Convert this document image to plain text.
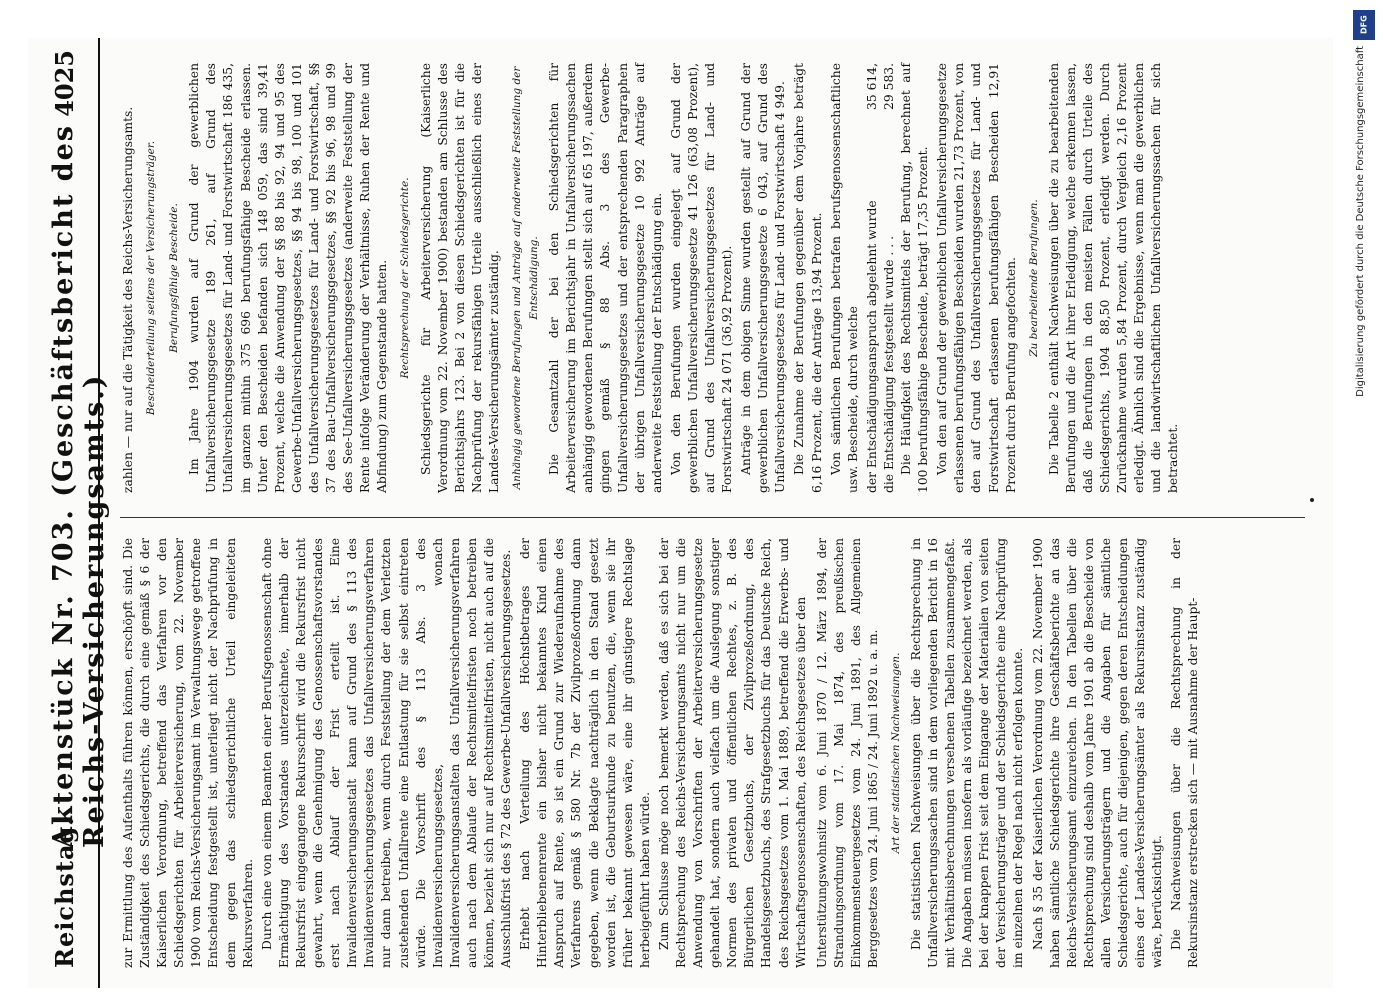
Reichstag.
Aktenstück Nr. 703. (Geschäftsbericht des Reichs-Versicherungsamts.)
4025

zur Ermittlung des Aufenthalts führen können, erschöpft sind. Die Zuständigkeit des Schiedsgerichts, die durch eine gemäß § 6 der Kaiserlichen Verordnung, betreffend das Verfahren vor den Schiedsgerichten für Arbeiterversicherung, vom 22. November 1900 vom Reichs-Versicherungsamt im Verwaltungswege getroffene Entscheidung festgestellt ist, unterliegt nicht der Nachprüfung in dem gegen das schiedsgerichtliche Urteil eingeleiteten Rekursverfahren. Durch eine von einem Beamten einer Berufsgenossenschaft ohne Ermächtigung des Vorstandes unterzeichnete, innerhalb der Rekursfrist eingegangene Rekursschrift wird die Rekursfrist nicht gewahrt, wenn die Genehmigung des Genossenschaftsvorstandes erst nach Ablauf der Frist erteilt ist. Eine Invalidenversicherungsanstalt kann auf Grund des § 113 des Invalidenversicherungsgesetzes das Unfallversicherungsverfahren nur dann betreiben, wenn durch Feststellung der dem Verletzten zustehenden Unfallrente eine Entlastung für sie selbst eintreten würde. Die Vorschrift des § 113 Abs. 3 des Invalidenversicherungsgesetzes, wonach Invalidenversicherungsanstalten das Unfallversicherungsverfahren auch nach dem Ablaufe der Rechtsmittelfristen noch betreiben können, bezieht sich nur auf Rechtsmittelfristen, nicht auch auf die Ausschlußfrist des § 72 des Gewerbe-Unfallversicherungsgesetzes. Erhebt nach Verteilung des Höchstbetrages der Hinterbliebenenrente ein bisher nicht bekanntes Kind einen Anspruch auf Rente, so ist ein Grund zur Wiederaufnahme des Verfahrens gemäß § 580 Nr. 7b der Zivilprozeßordnung dann gegeben, wenn die Beklagte nachträglich in den Stand gesetzt worden ist, die Geburtsurkunde zu benutzen, die, wenn sie ihr früher bekannt gewesen wäre, eine ihr günstigere Rechtslage herbeigeführt haben würde. Zum Schlusse möge noch bemerkt werden, daß es sich bei der Rechtsprechung des Reichs-Versicherungsamts nicht nur um die Anwendung von Vorschriften der Arbeiterversicherungsgesetze gehandelt hat, sondern auch vielfach um die Auslegung sonstiger Normen des privaten und öffentlichen Rechtes, z. B. des Bürgerlichen Gesetzbuchs, der Zivilprozeßordnung, des Handelsgesetzbuchs, des Strafgesetzbuchs für das Deutsche Reich, des Reichsgesetzes vom 1. Mai 1889, betreffend die Erwerbs- und Wirtschaftsgenossenschaften, des Reichsgesetzes über den Unterstützungswohnsitz vom 6. Juni 1870 / 12. März 1894, der Strandungsordnung vom 17. Mai 1874, des preußischen Einkommensteuergesetzes vom 24. Juni 1891, des Allgemeinen Berggesetzes vom 24. Juni 1865 / 24. Juni 1892 u. a. m. Art der statistischen Nachweisungen. Die statistischen Nachweisungen über die Rechtsprechung in Unfallversicherungssachen sind in dem vorliegenden Bericht in 16 mit Verhältnisberechnungen versehenen Tabellen zusammengefaßt. Die Angaben müssen insofern als vorläufige bezeichnet werden, als bei der knappen Frist seit dem Eingange der Materialien von seiten der Versicherungsträger und der Schiedsgerichte eine Nachprüfung im einzelnen der Regel nach nicht erfolgen konnte. Nach § 35 der Kaiserlichen Verordnung vom 22. November 1900 haben sämtliche Schiedsgerichte ihre Geschäftsberichte an das Reichs-Versicherungsamt einzureichen. In den Tabellen über die Rechtsprechung sind deshalb vom Jahre 1901 ab die Bescheide von allen Versicherungsträgern und die Angaben für sämtliche Schiedsgerichte, auch für diejenigen, gegen deren Entscheidungen eines der Landes-Versicherungsämter als Rekursinstanz zuständig wäre, berücksichtigt. Die Nachweisungen über die Rechtsprechung in der Rekursinstanz erstrecken sich — mit Ausnahme der Haupt-

zahlen — nur auf die Tätigkeit des Reichs-Versicherungsamts. Bescheiderteilung seitens der Versicherungsträger. Berufungsfähige Bescheide. Im Jahre 1904 wurden auf Grund der gewerblichen Unfallversicherungsgesetze 189 261, auf Grund des Unfallversicherungsgesetzes für Land- und Forstwirtschaft 186 435, im ganzen mithin 375 696 berufungsfähige Bescheide erlassen. Unter den Bescheiden befanden sich 148 059, das sind 39,41 Prozent, welche die Anwendung der §§ 88 bis 92, 94 und 95 des Gewerbe-Unfallversicherungsgesetzes, §§ 94 bis 98, 100 und 101 des Unfallversicherungsgesetzes für Land- und Forstwirtschaft, §§ 37 des Bau-Unfallversicherungsgesetzes, §§ 92 bis 96, 98 und 99 des See-Unfallversicherungsgesetzes (anderweite Feststellung der Rente infolge Veränderung der Verhältnisse, Ruhen der Rente und Abfindung) zum Gegenstande hatten. Rechtsprechung der Schiedsgerichte. Schiedsgerichte für Arbeiterversicherung (Kaiserliche Verordnung vom 22. November 1900) bestanden am Schlusse des Berichtsjahrs 123. Bei 2 von diesen Schiedsgerichten ist für die Nachprüfung der rekursfähigen Urteile ausschließlich eines der Landes-Versicherungsämter zuständig. Anhängig gewordene Berufungen und Anträge auf anderweite Feststellung der Entschädigung. Die Gesamtzahl der bei den Schiedsgerichten für Arbeiterversicherung im Berichtsjahr in Unfallversicherungssachen anhängig gewordenen Berufungen stellt sich auf 65 197, außerdem gingen gemäß § 88 Abs. 3 des Gewerbe-Unfallversicherungsgesetzes und der entsprechenden Paragraphen der übrigen Unfallversicherungsgesetze 10 992 Anträge auf anderweite Feststellung der Entschädigung ein. Von den Berufungen wurden eingelegt auf Grund der gewerblichen Unfallversicherungsgesetze 41 126 (63,08 Prozent), auf Grund des Unfallversicherungsgesetzes für Land- und Forstwirtschaft 24 071 (36,92 Prozent). Anträge in dem obigen Sinne wurden gestellt auf Grund der gewerblichen Unfallversicherungsgesetze 6 043, auf Grund des Unfallversicherungsgesetzes für Land- und Forstwirtschaft 4 949. Die Zunahme der Berufungen gegenüber dem Vorjahre beträgt 6,16 Prozent, die der Anträge 13,94 Prozent. Von sämtlichen Berufungen betrafen berufsgenossenschaftliche usw. Bescheide, durch welche der Entschädigungsanspruch abgelehnt wurde
35 614,
die Entschädigung festgestellt wurde . . .
29 583. Die Häufigkeit des Rechtsmittels der Berufung, berechnet auf 100 berufungsfähige Bescheide, beträgt 17,35 Prozent. Von den auf Grund der gewerblichen Unfallversicherungsgesetze erlassenen berufungsfähigen Bescheiden wurden 21,73 Prozent, von den auf Grund des Unfallversicherungsgesetzes für Land- und Forstwirtschaft erlassenen berufungsfähigen Bescheiden 12,91 Prozent durch Berufung angefochten. Zu bearbeitende Berufungen. Die Tabelle 2 enthält Nachweisungen über die zu bearbeitenden Berufungen und die Art ihrer Erledigung, welche erkennen lassen, daß die Berufungen in den meisten Fällen durch Urteile des Schiedsgerichts, 1904 88,50 Prozent, erledigt werden. Durch Zurücknahme wurden 5,84 Prozent, durch Vergleich 2,16 Prozent erledigt. Ähnlich sind die Ergebnisse, wenn man die gewerblichen und die landwirtschaftlichen Unfallversicherungssachen für sich betrachtet.

DFG
Digitalisierung gefördert durch die Deutsche Forschungsgemeinschaft
